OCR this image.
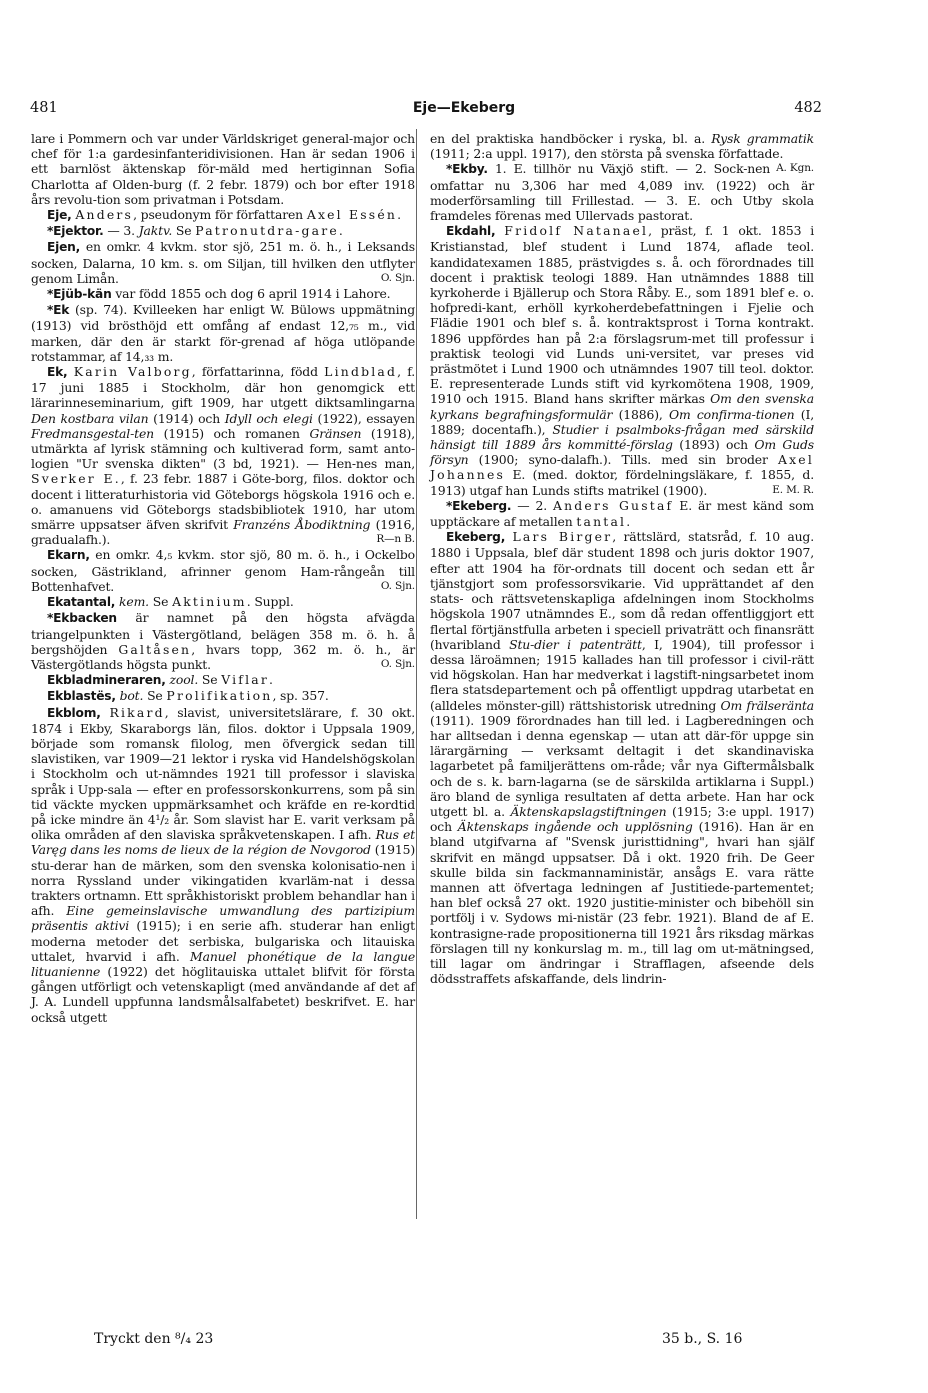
481	Eje—Ekeberg	482

lare i Pommern och var under Världskriget general-major och chef för 1:a gardesinfanteridivisionen. Han är sedan 1906 i ett barnlöst äktenskap för-mäld med hertiginnan Sofia Charlotta af Olden-burg (f. 2 febr. 1879) och bor efter 1918 års revolu-tion som privatman i Potsdam.

Eje, Anders, pseudonym för författaren Axel Essén.

*Ejektor. — 3. Jaktv. Se Patronutdra-gare.

Ejen, en omkr. 4 kvkm. stor sjö, 251 m. ö. h., i Leksands socken, Dalarna, 10 km. s. om Siljan, till hvilken den utflyter genom Limån.	O. Sjn.

*Ejüb-kän var född 1855 och dog 6 april 1914 i Lahore.

*Ek (sp. 74). Kvilleeken har enligt W. Bülows uppmätning (1913) vid brösthöjd ett omfång af endast 12,₇₅ m., vid marken, där den är starkt för-grenad af höga utlöpande rotstammar, af 14,₃₃ m.

Ek, Karin Valborg, författarinna, född Lindblad, f. 17 juni 1885 i Stockholm, där hon genomgick ett lärarinneseminarium, gift 1909, har utgett diktsamlingarna Den kostbara vilan (1914) och Idyll och elegi (1922), essayen Fredmansgestal-ten (1915) och romanen Gränsen (1918), utmärkta af lyrisk stämning och kultiverad form, samt anto-logien "Ur svenska dikten" (3 bd, 1921). — Hen-nes man, Sverker E., f. 23 febr. 1887 i Göte-borg, filos. doktor och docent i litteraturhistoria vid Göteborgs högskola 1916 och e. o. amanuens vid Göteborgs stadsbibliotek 1910, har utom smärre uppsatser äfven skrifvit Franzéns Åbodiktning (1916, gradualafh.).	R—n B.

Ekarn, en omkr. 4,₅ kvkm. stor sjö, 80 m. ö. h., i Ockelbo socken, Gästrikland, afrinner genom Ham-rångeån till Bottenhafvet.	O. Sjn.

Ekatantal, kem. Se Aktinium. Suppl.

*Ekbacken är namnet på den högsta afvägda triangelpunkten i Västergötland, belägen 358 m. ö. h. å bergshöjden Galtåsen, hvars topp, 362 m. ö. h., är Västergötlands högsta punkt.	O. Sjn.

Ekbladmineraren, zool. Se Viflar.

Ekblastës, bot. Se Prolifikation, sp. 357.

Ekblom, Rikard, slavist, universitetslärare, f. 30 okt. 1874 i Ekby, Skaraborgs län, filos. doktor i Uppsala 1909, började som romansk filolog, men öfvergick sedan till slavistiken, var 1909—21 lektor i ryska vid Handelshögskolan i Stockholm och ut-nämndes 1921 till professor i slaviska språk i Upp-sala — efter en professorskonkurrens, som på sin tid väckte mycken uppmärksamhet och kräfde en re-kordtid på icke mindre än 4¹/₂ år. Som slavist har E. varit verksam på olika områden af den slaviska språkvetenskapen. I afh. Rus et Varęg dans les noms de lieux de la région de Novgorod (1915) stu-derar han de märken, som den svenska kolonisatio-nen i norra Ryssland under vikingatiden kvarläm-nat i dessa trakters ortnamn. Ett språkhistoriskt problem behandlar han i afh. Eine gemeinslavische umwandlung des partizipium präsentis aktivi (1915); i en serie afh. studerar han enligt moderna metoder det serbiska, bulgariska och litauiska uttalet, hvarvid i afh. Manuel phonétique de la langue lituanienne (1922) det höglitauiska uttalet blifvit för första gången utförligt och vetenskapligt (med användande af det af J. A. Lundell uppfunna landsmålsalfabetet) beskrifvet. E. har också utgett

en del praktiska handböcker i ryska, bl. a. Rysk grammatik (1911; 2:a uppl. 1917), den största på svenska författade.
A. Kgn.

*Ekby. 1. E. tillhör nu Växjö stift. — 2. Sock-nen omfattar nu 3,306 har med 4,089 inv. (1922) och är moderförsamling till Frillestad. — 3. E. och Utby skola framdeles förenas med Ullervads pastorat.

Ekdahl, Fridolf Natanael, präst, f. 1 okt. 1853 i Kristianstad, blef student i Lund 1874, aflade teol. kandidatexamen 1885, prästvigdes s. å. och förordnades till docent i praktisk teologi 1889. Han utnämndes 1888 till kyrkoherde i Bjällerup och Stora Råby. E., som 1891 blef e. o. hofpredi-kant, erhöll kyrkoherdebefattningen i Fjelie och Flädie 1901 och blef s. å. kontraktsprost i Torna kontrakt. 1896 uppfördes han på 2:a förslagsrum-met till professur i praktisk teologi vid Lunds uni-versitet, var preses vid prästmötet i Lund 1900 och utnämndes 1907 till teol. doktor. E. representerade Lunds stift vid kyrkomötena 1908, 1909, 1910 och 1915. Bland hans skrifter märkas Om den svenska kyrkans begrafningsformulär (1886), Om confirma-tionen (I, 1889; docentafh.), Studier i psalmboks-frågan med särskild hänsigt till 1889 års kommitté-förslag (1893) och Om Guds försyn (1900; syno-dalafh.). Tills. med sin broder Axel Johannes E. (med. doktor, fördelningsläkare, f. 1855, d. 1913) utgaf han Lunds stifts matrikel (1900).	E. M. R.

*Ekeberg. — 2. Anders Gustaf E. är mest känd som upptäckare af metallen tantal.

Ekeberg, Lars Birger, rättslärd, statsråd, f. 10 aug. 1880 i Uppsala, blef där student 1898 och juris doktor 1907, efter att 1904 ha för-ordnats till docent och sedan ett år tjänstgjort som professorsvikarie. Vid upprättandet af den stats- och rättsvetenskapliga afdelningen inom Stockholms högskola 1907 utnämndes E., som då redan offentliggjort ett flertal förtjänstfulla arbeten i speciell privaträtt och finansrätt (hvaribland Stu-dier i patenträtt, I, 1904), till professor i dessa läroämnen; 1915 kallades han till professor i civil-rätt vid högskolan. Han har medverkat i lagstift-ningsarbetet inom flera statsdepartement och på offentligt uppdrag utarbetat en (alldeles mönster-gill) rättshistorisk utredning Om frälseränta (1911). 1909 förordnades han till led. i Lagberedningen och har alltsedan i denna egenskap — utan att där-för uppge sin lärargärning — verksamt deltagit i det skandinaviska lagarbetet på familjerättens om-råde; vår nya Giftermålsbalk och de s. k. barn-lagarna (se de särskilda artiklarna i Suppl.) äro bland de synliga resultaten af detta arbete. Han har ock utgett bl. a. Äktenskapslagstiftningen (1915; 3:e uppl. 1917) och Äktenskaps ingående och upplösning (1916). Han är en bland utgifvarna af "Svensk juristtidning", hvari han själf skrifvit en mängd uppsatser. Då i okt. 1920 frih. De Geer skulle bilda sin fackmannaministär, ansågs E. vara rätte mannen att öfvertaga ledningen af Justitiede-partementet; han blef också 27 okt. 1920 justitie-minister och bibehöll sin portfölj i v. Sydows mi-nistär (23 febr. 1921). Bland de af E. kontrasigne-rade propositionerna till 1921 års riksdag märkas förslagen till ny konkurslag m. m., till lag om ut-mätningsed, till lagar om ändringar i Strafflagen, afseende dels dödsstraffets afskaffande, dels lindrin-

Tryckt den ⁸/₄ 23	35 b., S. 16
